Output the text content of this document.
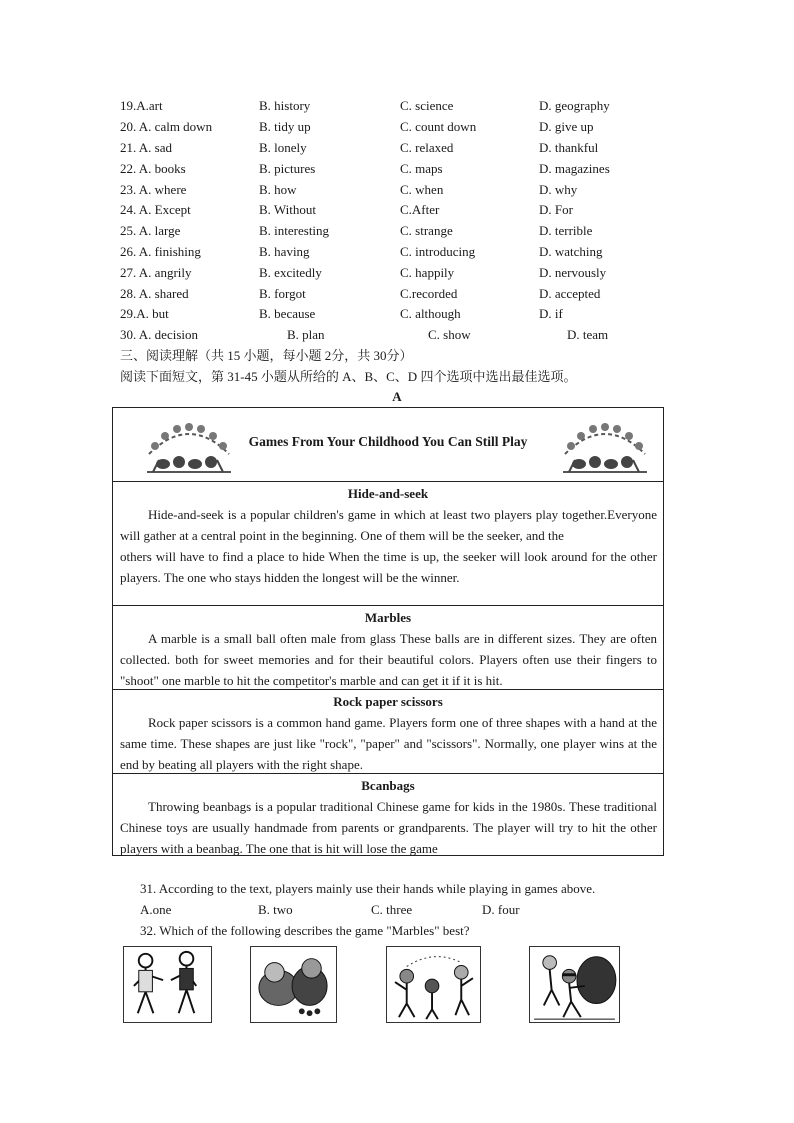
19.A.art	B. history	C. science	D. geography
20. A. calm down	B. tidy up	C. count down	D. give up
21. A. sad	B. lonely	C. relaxed	D. thankful
22. A. books	B. pictures	C. maps	D. magazines
23. A. where	B. how	C. when	D. why
24. A. Except	B. Without	C.After	D. For
25. A. large	B. interesting	C. strange	D. terrible
26. A. finishing	B. having	C. introducing	D. watching
27. A. angrily	B. excitedly	C. happily	D. nervously
28. A. shared	B. forgot	C.recorded	D. accepted
29.A. but	B. because	C. although	D. if
30. A. decision	B. plan	C. show	D. team
三、阅读理解（共 15 小题，每小题 2分，共 30分）
阅读下面短文，第 31-45 小题从所给的 A、B、C、D 四个选项中选出最佳选项。
A
Games From Your Childhood You Can Still Play
Hide-and-seek

Hide-and-seek is a popular children's game in which at least two players play together.Everyone will gather at a central point in the beginning. One of them will be the seeker, and the

others will have to find a place to hide When the time is up, the seeker will look around for the other players. The one who stays hidden the longest will be the winner.

Marbles

A marble is a small ball often male from glass These balls are in different sizes. They are often collected. both for sweet memories and for their beautiful colors. Players often use their fingers to "shoot" one marble to hit the competitor's marble and can get it if it is hit.

Rock paper scissors

Rock paper scissors is a common hand game. Players form one of three shapes with a hand at the same time. These shapes are just like "rock", "paper" and "scissors". Normally, one player wins at the end by beating all players with the right shape.

Bcanbags

Throwing beanbags is a popular traditional Chinese game for kids in the 1980s. These traditional Chinese toys are usually handmade from parents or grandparents. The player will try to hit the other players with a beanbag. The one that is hit will lose the game

31. According to the text, players mainly use their hands while playing in games above.
A.one	B. two	C. three	D. four
32. Which of the following describes the game "Marbles" best?
